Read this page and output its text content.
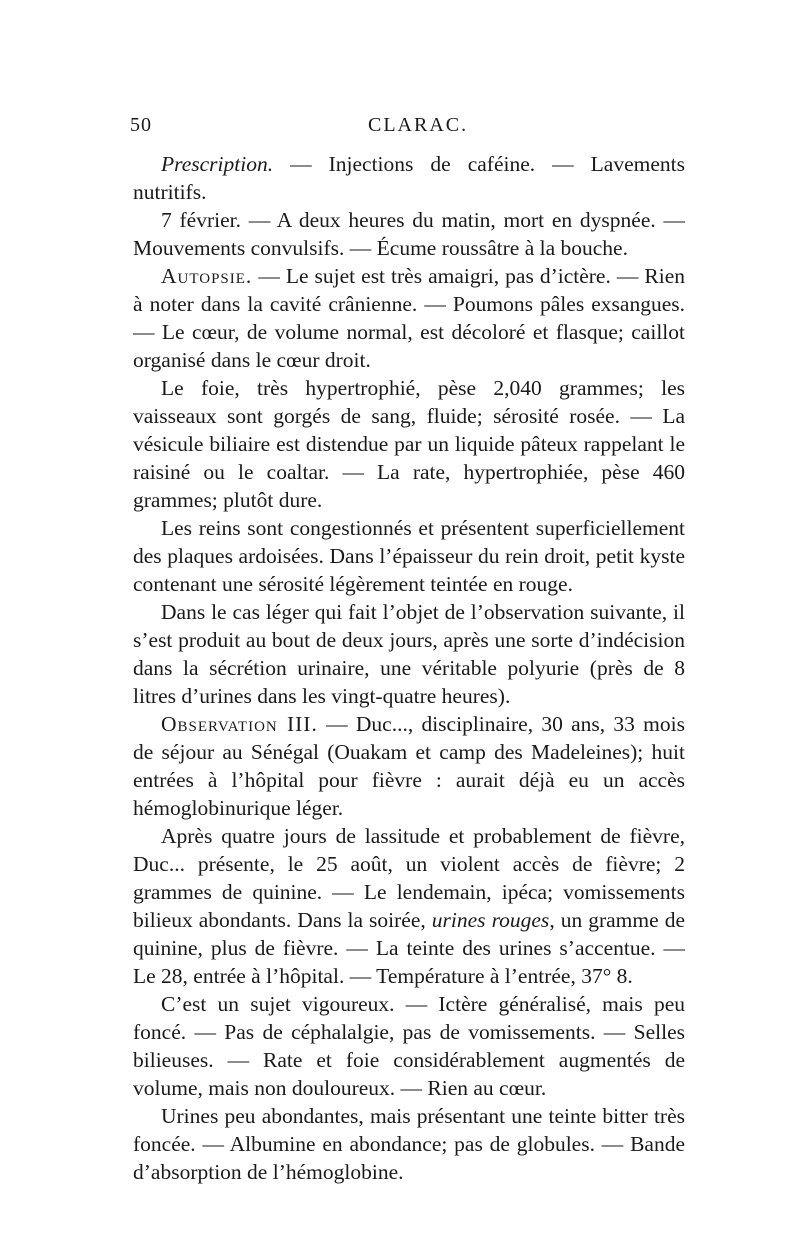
50	CLARAC.

Prescription. — Injections de caféine. — Lavements nutritifs.

7 février. — A deux heures du matin, mort en dyspnée. — Mouvements convulsifs. — Écume roussâtre à la bouche.

Autopsie. — Le sujet est très amaigri, pas d’ictère. — Rien à noter dans la cavité crânienne. — Poumons pâles exsangues. — Le cœur, de volume normal, est décoloré et flasque; caillot organisé dans le cœur droit.

Le foie, très hypertrophié, pèse 2,040 grammes; les vaisseaux sont gorgés de sang, fluide; sérosité rosée. — La vésicule biliaire est distendue par un liquide pâteux rappelant le raisiné ou le coaltar. — La rate, hypertrophiée, pèse 460 grammes; plutôt dure.

Les reins sont congestionnés et présentent superficiellement des plaques ardoisées. Dans l’épaisseur du rein droit, petit kyste contenant une sérosité légèrement teintée en rouge.

Dans le cas léger qui fait l’objet de l’observation suivante, il s’est produit au bout de deux jours, après une sorte d’indécision dans la sécrétion urinaire, une véritable polyurie (près de 8 litres d’urines dans les vingt-quatre heures).

Observation III. — Duc..., disciplinaire, 30 ans, 33 mois de séjour au Sénégal (Ouakam et camp des Madeleines); huit entrées à l’hôpital pour fièvre : aurait déjà eu un accès hémoglobinurique léger.

Après quatre jours de lassitude et probablement de fièvre, Duc... présente, le 25 août, un violent accès de fièvre; 2 grammes de quinine. — Le lendemain, ipéca; vomissements bilieux abondants. Dans la soirée, urines rouges, un gramme de quinine, plus de fièvre. — La teinte des urines s’accentue. — Le 28, entrée à l’hôpital. — Température à l’entrée, 37° 8.

C’est un sujet vigoureux. — Ictère généralisé, mais peu foncé. — Pas de céphalalgie, pas de vomissements. — Selles bilieuses. — Rate et foie considérablement augmentés de volume, mais non douloureux. — Rien au cœur.

Urines peu abondantes, mais présentant une teinte bitter très foncée. — Albumine en abondance; pas de globules. — Bande d’absorption de l’hémoglobine.
